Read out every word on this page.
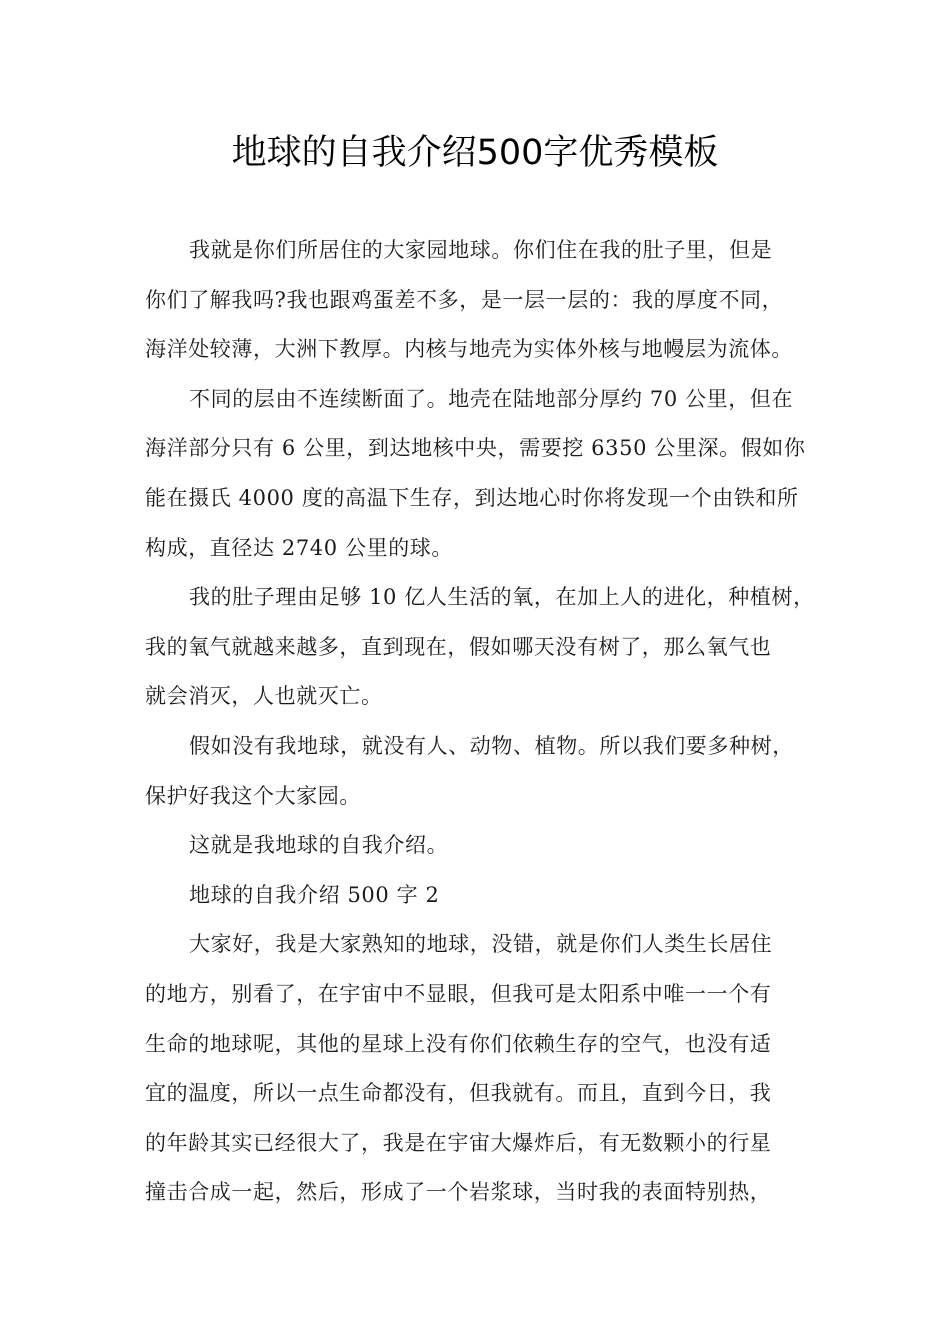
地球的自我介绍500字优秀模板
我就是你们所居住的大家园地球。你们住在我的肚子里，但是
你们了解我吗?我也跟鸡蛋差不多，是一层一层的：我的厚度不同，
海洋处较薄，大洲下教厚。内核与地壳为实体外核与地幔层为流体。
不同的层由不连续断面了。地壳在陆地部分厚约 70 公里，但在
海洋部分只有 6 公里，到达地核中央，需要挖 6350 公里深。假如你
能在摄氏 4000 度的高温下生存，到达地心时你将发现一个由铁和所
构成，直径达 2740 公里的球。
我的肚子理由足够 10 亿人生活的氧，在加上人的进化，种植树，
我的氧气就越来越多，直到现在，假如哪天没有树了，那么氧气也
就会消灭，人也就灭亡。
假如没有我地球，就没有人、动物、植物。所以我们要多种树，
保护好我这个大家园。
这就是我地球的自我介绍。
地球的自我介绍 500 字 2
大家好，我是大家熟知的地球，没错，就是你们人类生长居住
的地方，别看了，在宇宙中不显眼，但我可是太阳系中唯一一个有
生命的地球呢，其他的星球上没有你们依赖生存的空气，也没有适
宜的温度，所以一点生命都没有，但我就有。而且，直到今日，我
的年龄其实已经很大了，我是在宇宙大爆炸后，有无数颗小的行星
撞击合成一起，然后，形成了一个岩浆球，当时我的表面特别热，
